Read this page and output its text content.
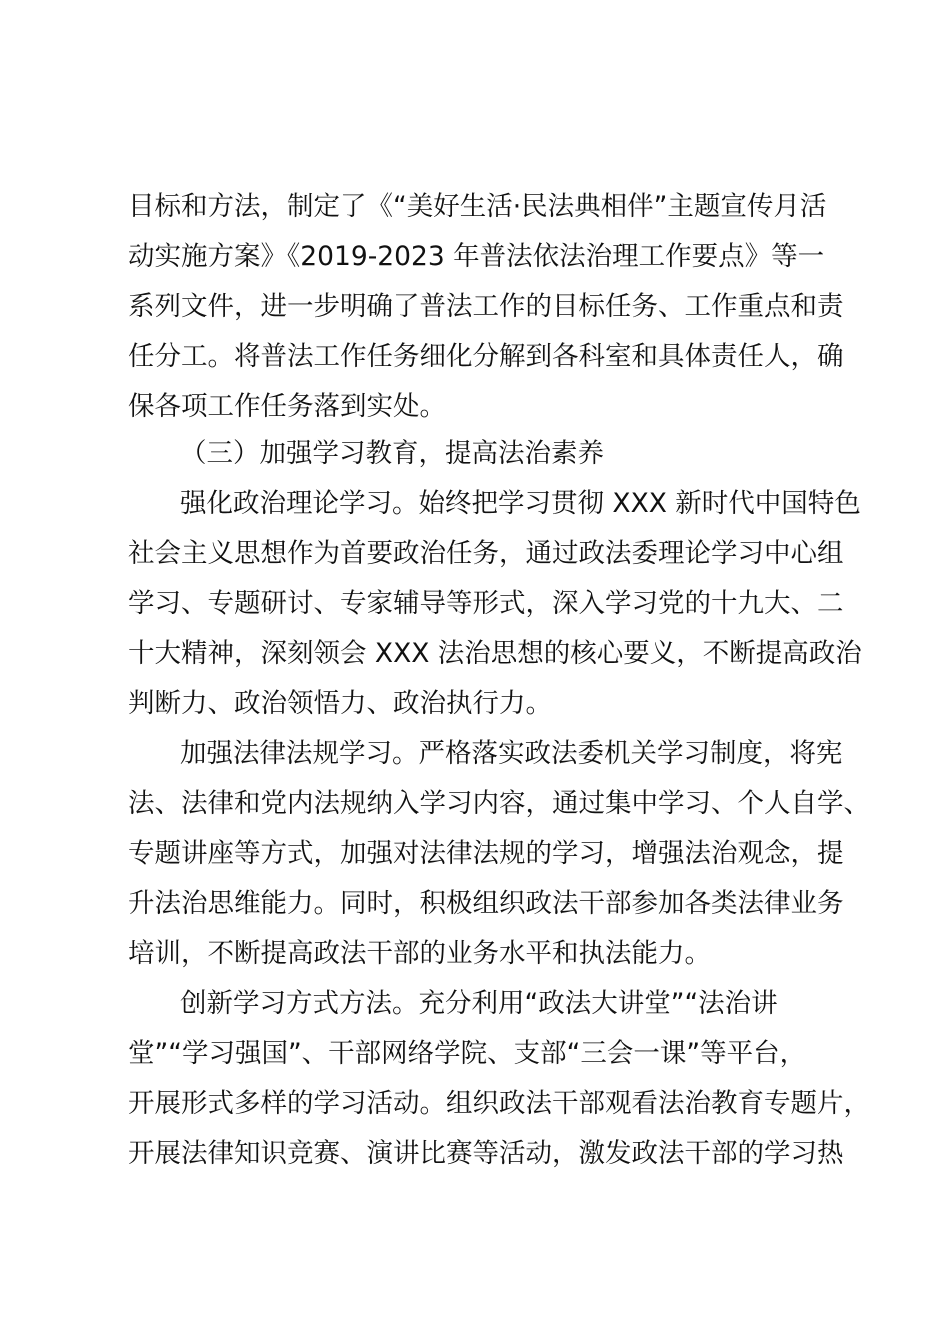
目标和方法，制定了《“美好生活·民法典相伴”主题宣传月活
动实施方案》《2019-2023 年普法依法治理工作要点》等一
系列文件，进一步明确了普法工作的目标任务、工作重点和责
任分工。将普法工作任务细化分解到各科室和具体责任人，确
保各项工作任务落到实处。
（三）加强学习教育，提高法治素养
强化政治理论学习。始终把学习贯彻 XXX 新时代中国特色
社会主义思想作为首要政治任务，通过政法委理论学习中心组
学习、专题研讨、专家辅导等形式，深入学习党的十九大、二
十大精神，深刻领会 XXX 法治思想的核心要义，不断提高政治
判断力、政治领悟力、政治执行力。
加强法律法规学习。严格落实政法委机关学习制度，将宪
法、法律和党内法规纳入学习内容，通过集中学习、个人自学、
专题讲座等方式，加强对法律法规的学习，增强法治观念，提
升法治思维能力。同时，积极组织政法干部参加各类法律业务
培训，不断提高政法干部的业务水平和执法能力。
创新学习方式方法。充分利用“政法大讲堂”“法治讲
堂”“学习强国”、干部网络学院、支部“三会一课”等平台，
开展形式多样的学习活动。组织政法干部观看法治教育专题片，
开展法律知识竞赛、演讲比赛等活动，激发政法干部的学习热
